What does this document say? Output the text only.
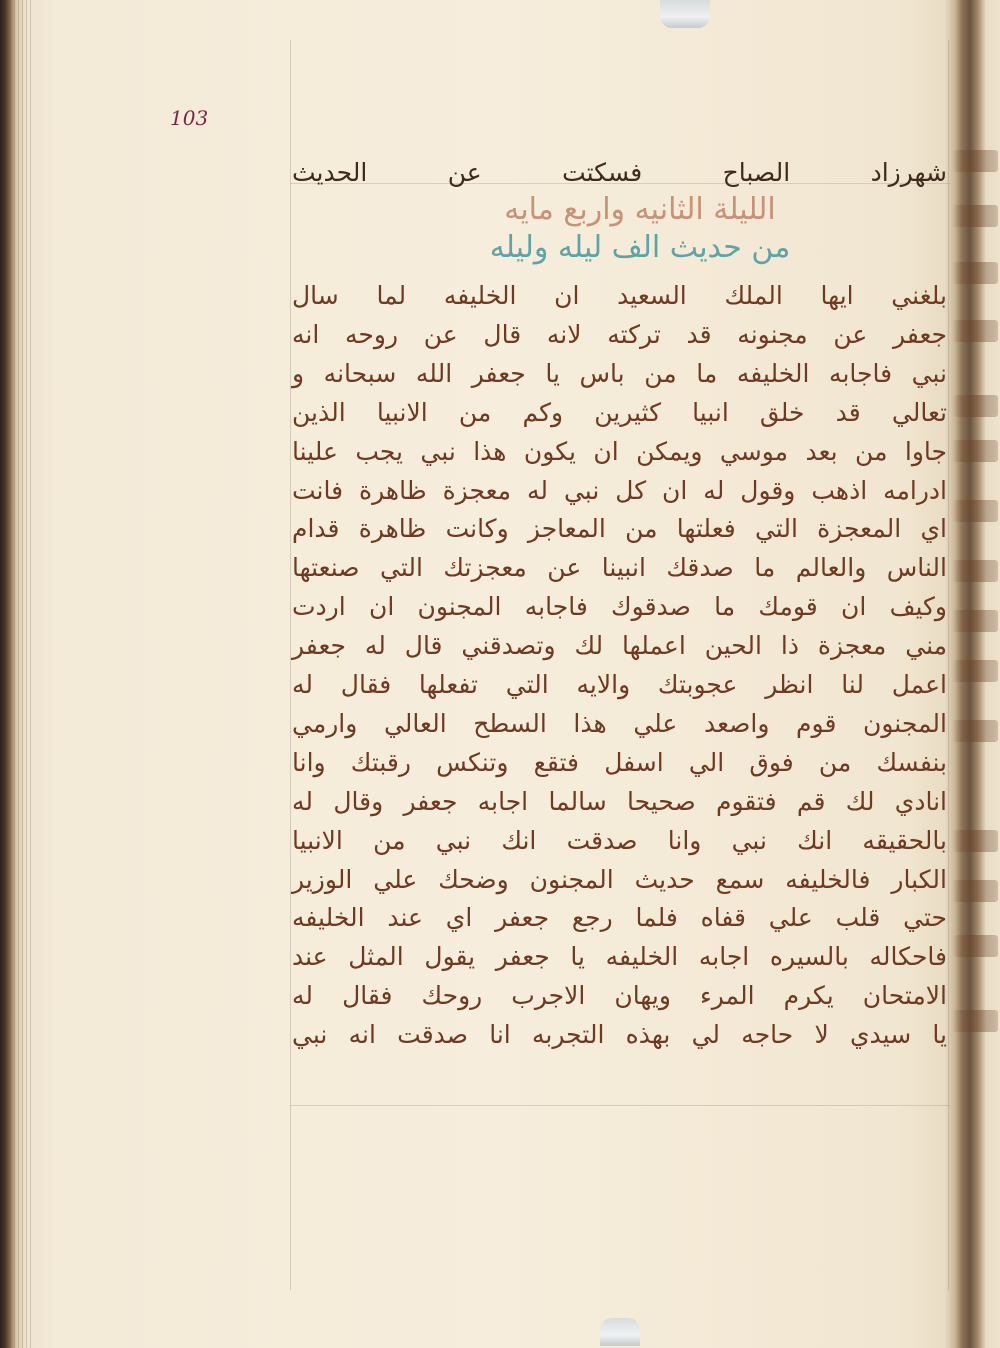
103
شهرزاد الصباح فسكتت عن الحديث
الليلة الثانيه واربع مايه
من حديث الف ليله وليله
بلغني ايها الملك السعيد ان الخليفه لما سال
جعفر عن مجنونه قد تركته لانه قال عن روحه انه
نبي فاجابه الخليفه ما من باس يا جعفر الله سبحانه و
تعالي قد خلق انبيا كثيرين وكم من الانبيا الذين
جاوا من بعد موسي ويمكن ان يكون هذا نبي يجب علينا
ادرامه اذهب وقول له ان كل نبي له معجزة ظاهرة فانت
اي المعجزة التي فعلتها من المعاجز وكانت ظاهرة قدام
الناس والعالم ما صدقك انبينا عن معجزتك التي صنعتها
وكيف ان قومك ما صدقوك فاجابه المجنون ان اردت
مني معجزة ذا الحين اعملها لك وتصدقني قال له جعفر
اعمل لنا انظر عجوبتك والايه التي تفعلها فقال له
المجنون قوم واصعد علي هذا السطح العالي وارمي
بنفسك من فوق الي اسفل فتقع وتنكس رقبتك وانا
انادي لك قم فتقوم صحيحا سالما اجابه جعفر وقال له
بالحقيقه انك نبي وانا صدقت انك نبي من الانبيا
الكبار فالخليفه سمع حديث المجنون وضحك علي الوزير
حتي قلب علي قفاه فلما رجع جعفر اي عند الخليفه
فاحكاله بالسيره اجابه الخليفه يا جعفر يقول المثل عند
الامتحان يكرم المرء ويهان الاجرب روحك فقال له
يا سيدي لا حاجه لي بهذه التجربه انا صدقت انه نبي
